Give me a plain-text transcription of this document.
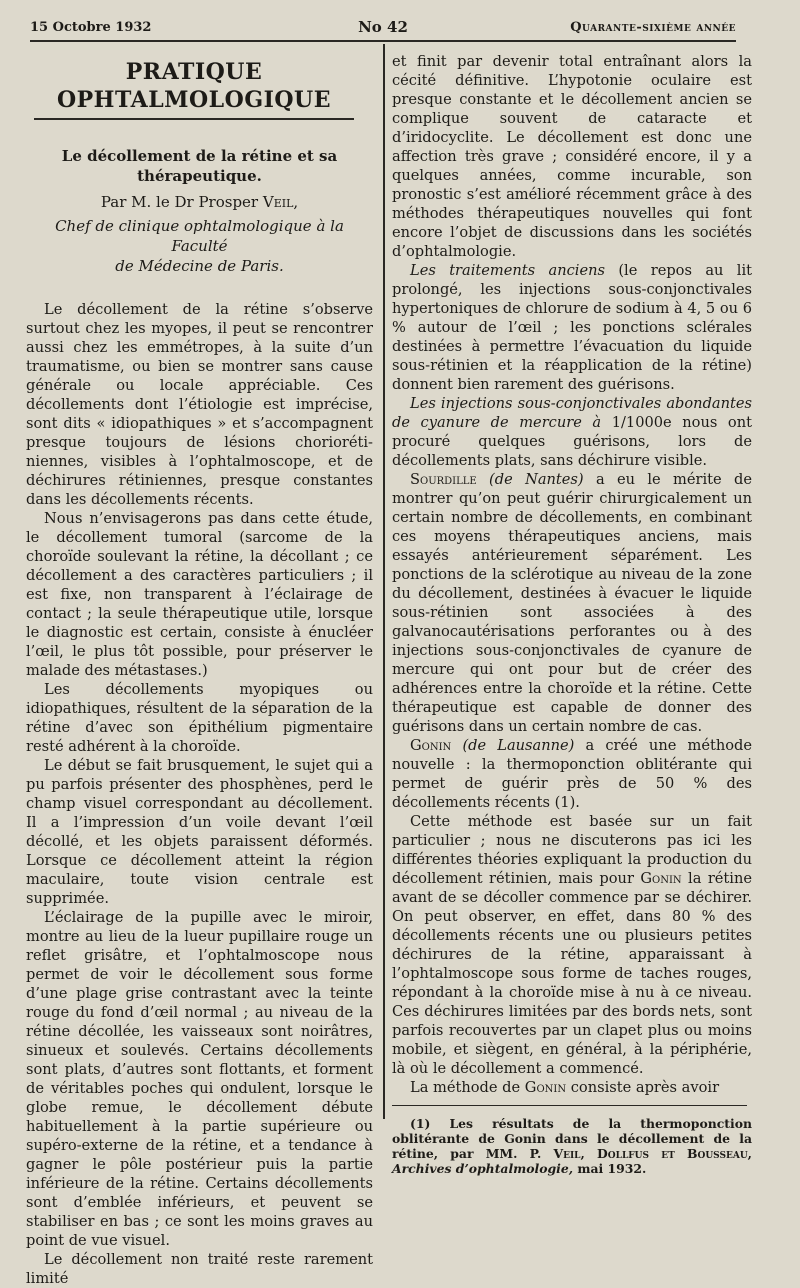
15 Octobre 1932	No 42	Quarante-sixième année
PRATIQUE OPHTALMOLOGIQUE
Le décollement de la rétine et sa thérapeutique.
Par M. le Dr Prosper Veil,
Chef de clinique ophtalmologique à la Faculté
de Médecine de Paris.

Le décollement de la rétine s’observe surtout chez les myopes, il peut se rencontrer aussi chez les emmétropes, à la suite d’un traumatisme, ou bien se montrer sans cause générale ou locale appréciable. Ces décollements dont l’étiologie est imprécise, sont dits « idiopathiques » et s’accompagnent presque toujours de lésions chorioréti-niennes, visibles à l’ophtalmoscope, et de déchirures rétiniennes, presque constantes dans les décollements récents.

Nous n’envisagerons pas dans cette étude, le décollement tumoral (sarcome de la choroïde soulevant la rétine, la décollant ; ce décollement a des caractères particuliers ; il est fixe, non transparent à l’éclairage de contact ; la seule thérapeutique utile, lorsque le diagnostic est certain, consiste à énucléer l’œil, le plus tôt possible, pour préserver le malade des métastases.)

Les décollements myopiques ou idiopathiques, résultent de la séparation de la rétine d’avec son épithélium pigmentaire resté adhérent à la choroïde.

Le début se fait brusquement, le sujet qui a pu parfois présenter des phosphènes, perd le champ visuel correspondant au décollement. Il a l’impression d’un voile devant l’œil décollé, et les objets paraissent déformés. Lorsque ce décollement atteint la région maculaire, toute vision centrale est supprimée.

L’éclairage de la pupille avec le miroir, montre au lieu de la lueur pupillaire rouge un reflet grisâtre, et l’ophtalmoscope nous permet de voir le décollement sous forme d’une plage grise contrastant avec la teinte rouge du fond d’œil normal ; au niveau de la rétine décollée, les vaisseaux sont noirâtres, sinueux et soulevés. Certains décollements sont plats, d’autres sont flottants, et forment de véritables poches qui ondulent, lorsque le globe remue, le décollement débute habituellement à la partie supérieure ou supéro-externe de la rétine, et a tendance à gagner le pôle postérieur puis la partie inférieure de la rétine. Certains décollements sont d’emblée inférieurs, et peuvent se stabiliser en bas ; ce sont les moins graves au point de vue visuel.

Le décollement non traité reste rarement limité

et finit par devenir total entraînant alors la cécité définitive. L’hypotonie oculaire est presque constante et le décollement ancien se complique souvent de cataracte et d’iridocyclite. Le décollement est donc une affection très grave ; considéré encore, il y a quelques années, comme incurable, son pronostic s’est amélioré récemment grâce à des méthodes thérapeutiques nouvelles qui font encore l’objet de discussions dans les sociétés d’ophtalmologie.

Les traitements anciens (le repos au lit prolongé, les injections sous-conjonctivales hypertoniques de chlorure de sodium à 4, 5 ou 6 % autour de l’œil ; les ponctions sclérales destinées à permettre l’évacuation du liquide sous-rétinien et la réapplication de la rétine) donnent bien rarement des guérisons.

Les injections sous-conjonctivales abondantes de cyanure de mercure à 1/1000e nous ont procuré quelques guérisons, lors de décollements plats, sans déchirure visible.

Sourdille (de Nantes) a eu le mérite de montrer qu’on peut guérir chirurgicalement un certain nombre de décollements, en combinant ces moyens thérapeutiques anciens, mais essayés antérieurement séparément. Les ponctions de la sclérotique au niveau de la zone du décollement, destinées à évacuer le liquide sous-rétinien sont associées à des galvanocautérisations perforantes ou à des injections sous-conjonctivales de cyanure de mercure qui ont pour but de créer des adhérences entre la choroïde et la rétine. Cette thérapeutique est capable de donner des guérisons dans un certain nombre de cas.

Gonin (de Lausanne) a créé une méthode nouvelle : la thermoponction oblitérante qui permet de guérir près de 50 % des décollements récents (1).

Cette méthode est basée sur un fait particulier ; nous ne discuterons pas ici les différentes théories expliquant la production du décollement rétinien, mais pour Gonin la rétine avant de se décoller commence par se déchirer. On peut observer, en effet, dans 80 % des décollements récents une ou plusieurs petites déchirures de la rétine, apparaissant à l’ophtalmoscope sous forme de taches rouges, répondant à la choroïde mise à nu à ce niveau. Ces déchirures limitées par des bords nets, sont parfois recouvertes par un clapet plus ou moins mobile, et siègent, en général, à la périphérie, là où le décollement a commencé.

La méthode de Gonin consiste après avoir

(1) Les résultats de la thermoponction oblitérante de Gonin dans le décollement de la rétine, par MM. P. Veil, Dollfus et Bousseau, Archives d’ophtalmologie, mai 1932.
